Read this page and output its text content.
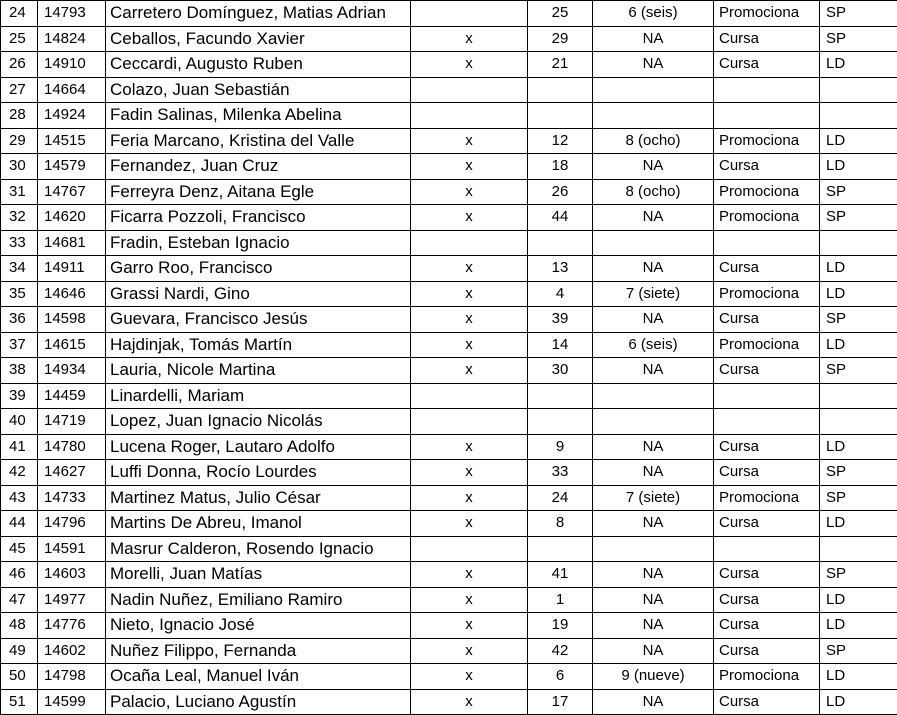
24	14793	Carretero Domínguez, Matias Adrian		25	6 (seis)	Promociona	SP
25	14824	Ceballos, Facundo Xavier	x	29	NA	Cursa	SP
26	14910	Ceccardi, Augusto Ruben	x	21	NA	Cursa	LD
27	14664	Colazo, Juan Sebastián					
28	14924	Fadin Salinas, Milenka Abelina					
29	14515	Feria Marcano, Kristina del Valle	x	12	8 (ocho)	Promociona	LD
30	14579	Fernandez, Juan Cruz	x	18	NA	Cursa	LD
31	14767	Ferreyra Denz, Aitana Egle	x	26	8 (ocho)	Promociona	SP
32	14620	Ficarra Pozzoli, Francisco	x	44	NA	Promociona	SP
33	14681	Fradin, Esteban Ignacio					
34	14911	Garro Roo, Francisco	x	13	NA	Cursa	LD
35	14646	Grassi Nardi, Gino	x	4	7 (siete)	Promociona	LD
36	14598	Guevara, Francisco Jesús	x	39	NA	Cursa	SP
37	14615	Hajdinjak, Tomás Martín	x	14	6 (seis)	Promociona	LD
38	14934	Lauria, Nicole Martina	x	30	NA	Cursa	SP
39	14459	Linardelli, Mariam					
40	14719	Lopez, Juan Ignacio Nicolás					
41	14780	Lucena Roger, Lautaro Adolfo	x	9	NA	Cursa	LD
42	14627	Luffi Donna, Rocío Lourdes	x	33	NA	Cursa	SP
43	14733	Martinez Matus, Julio César	x	24	7 (siete)	Promociona	SP
44	14796	Martins De Abreu, Imanol	x	8	NA	Cursa	LD
45	14591	Masrur Calderon, Rosendo Ignacio					
46	14603	Morelli, Juan Matías	x	41	NA	Cursa	SP
47	14977	Nadin Nuñez, Emiliano Ramiro	x	1	NA	Cursa	LD
48	14776	Nieto, Ignacio José	x	19	NA	Cursa	LD
49	14602	Nuñez Filippo, Fernanda	x	42	NA	Cursa	SP
50	14798	Ocaña Leal, Manuel Iván	x	6	9 (nueve)	Promociona	LD
51	14599	Palacio, Luciano Agustín	x	17	NA	Cursa	LD
